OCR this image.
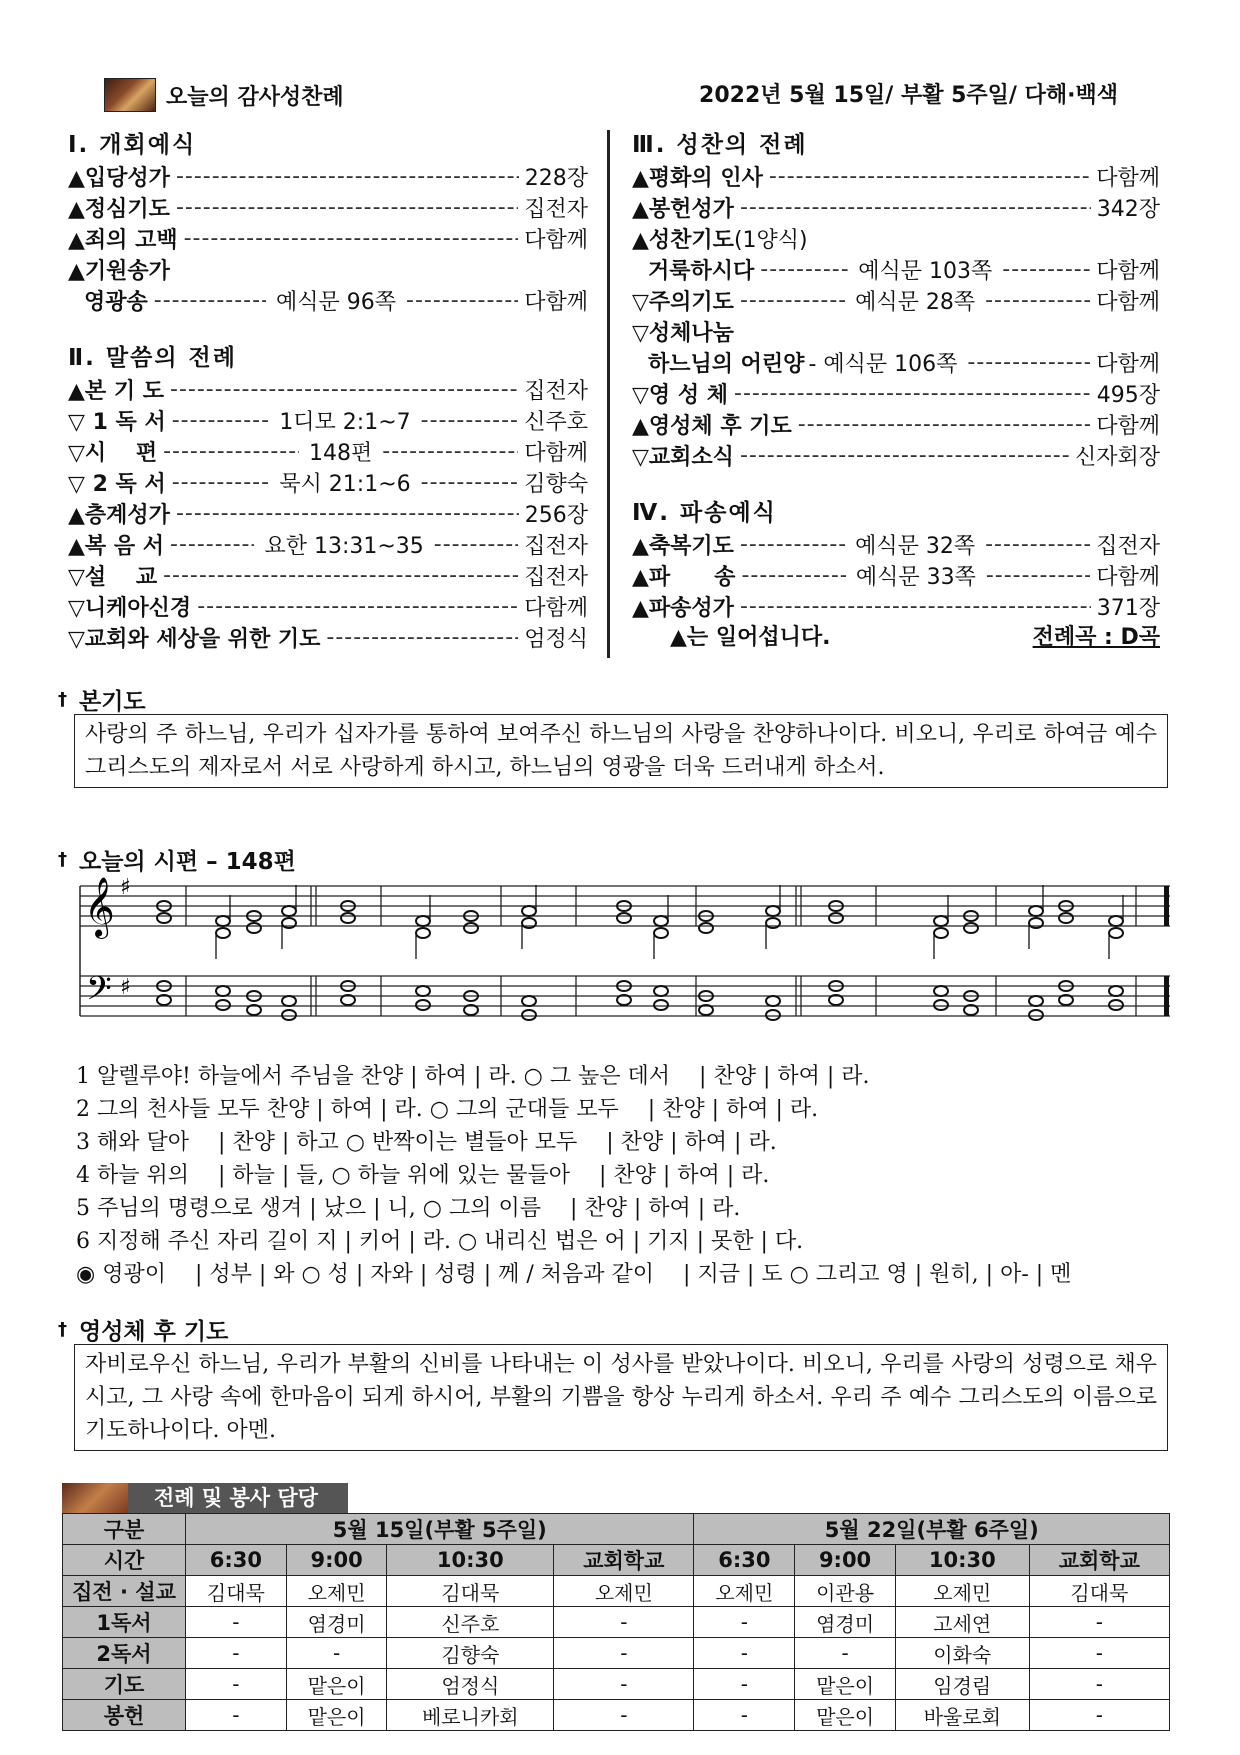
오늘의 감사성찬례	2022년 5월 15일/ 부활 5주일/ 다해·백색
Ⅰ. 개회예식
▲입당성가 -----	228장
▲정심기도 -----	집전자
▲죄의 고백 -----	다함께
▲기원송가
영광송 -----	예식문 96쪽 -----	다함께
Ⅱ. 말씀의 전례
▲본 기 도 -----	집전자
▽ 1 독 서 -----	1디모 2:1~7 -----	신주호
▽시　 편 -----	148편 -----	다함께
▽ 2 독 서 -----	묵시 21:1~6 -----	김향숙
▲층계성가 -----	256장
▲복 음 서 -----	요한 13:31~35 -----	집전자
▽설　 교 -----	집전자
▽니케아신경 -----	다함께
▽교회와 세상을 위한 기도 -----	엄정식
Ⅲ. 성찬의 전례
▲평화의 인사 -----	다함께
▲봉헌성가 -----	342장
▲성찬기도 (1양식)
거룩하시다 -----	예식문 103쪽 -----	다함께
▽주의기도 -----	예식문 28쪽 -----	다함께
▽성체나눔
하느님의 어린양 - 예식문 106쪽 -----	다함께
▽영 성 체 -----	495장
▲영성체 후 기도 -----	다함께
▽교회소식 -----	신자회장
Ⅳ. 파송예식
▲축복기도 -----	예식문 32쪽 -----	집전자
▲파　　송 -----	예식문 33쪽 -----	다함께
▲파송성가 -----	371장
▲는 일어섭니다.	전례곡 : D곡
† 본기도
사랑의 주 하느님, 우리가 십자가를 통하여 보여주신 하느님의 사랑을 찬양하나이다. 비오니, 우리로 하여금 예수 그리스도의 제자로서 서로 사랑하게 하시고, 하느님의 영광을 더욱 드러내게 하소서.
† 오늘의 시편 – 148편
𝄞
𝄢
♯
♯
1 알렐루야! 하늘에서 주님을 찬양 | 하여 | 라. ○ 그 높은 데서 　| 찬양 | 하여 | 라.
2 그의 천사들 모두 찬양 | 하여 | 라. ○ 그의 군대들 모두 　| 찬양 | 하여 | 라.
3 해와 달아 　| 찬양 | 하고 ○ 반짝이는 별들아 모두 　| 찬양 | 하여 | 라.
4 하늘 위의 　| 하늘 | 들, ○ 하늘 위에 있는 물들아 　| 찬양 | 하여 | 라.
5 주님의 명령으로 생겨 | 났으 | 니, ○ 그의 이름 　| 찬양 | 하여 | 라.
6 지정해 주신 자리 길이 지 | 키어 | 라. ○ 내리신 법은 어 | 기지 | 못한 | 다.
◉ 영광이 　| 성부 | 와 ○ 성 | 자와 | 성령 | 께 / 처음과 같이 　| 지금 | 도 ○ 그리고 영 | 원히, | 아- | 멘
† 영성체 후 기도
자비로우신 하느님, 우리가 부활의 신비를 나타내는 이 성사를 받았나이다. 비오니, 우리를 사랑의 성령으로 채우시고, 그 사랑 속에 한마음이 되게 하시어, 부활의 기쁨을 항상 누리게 하소서. 우리 주 예수 그리스도의 이름으로 기도하나이다. 아멘.
전례 및 봉사 담당
구분	5월 15일(부활 5주일)				5월 22일(부활 6주일)			
시간	6:30	9:00	10:30	교회학교	6:30	9:00	10:30	교회학교
집전 · 설교	김대묵	오제민	김대묵	오제민	오제민	이관용	오제민	김대묵
1독서	-	염경미	신주호	-	-	염경미	고세연	-
2독서	-	-	김향숙	-	-	-	이화숙	-
기도	-	맡은이	엄정식	-	-	맡은이	임경림	-
봉헌	-	맡은이	베로니카회	-	-	맡은이	바울로회	-
